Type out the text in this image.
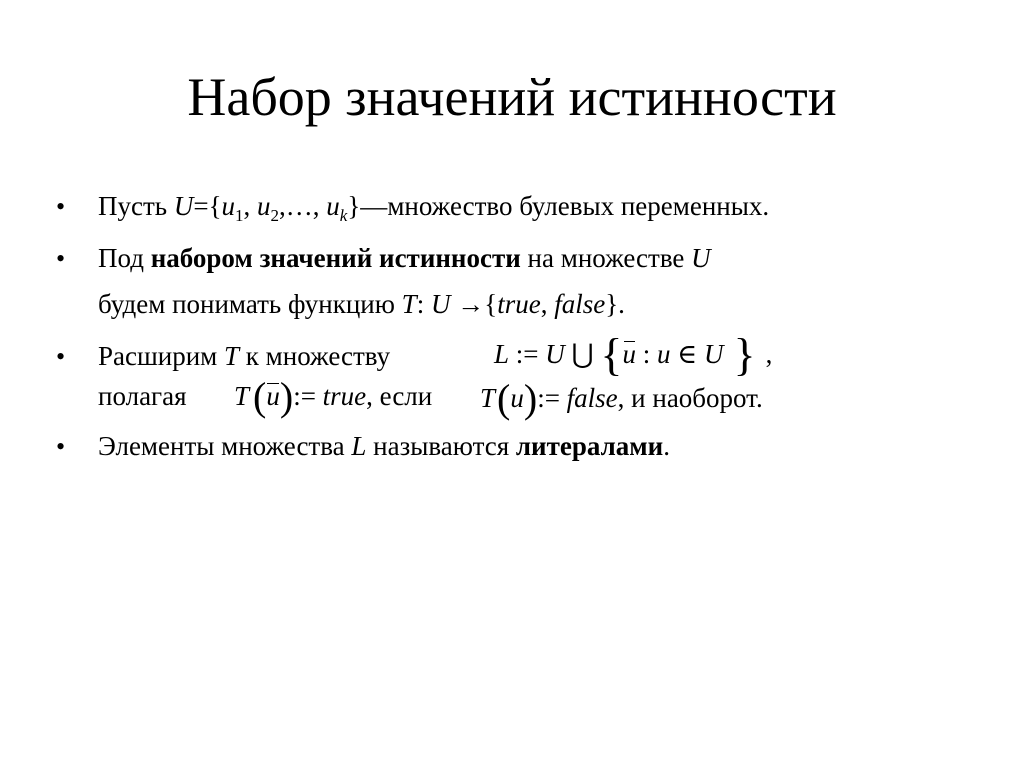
Набор значений истинности
• Пусть $U=\{u_1$, $u_2,\dots$, $u_k\}—множество$ булевых переменных.
• Под набором значений истинности на множестве U
будем понимать функцию T: U →{true, false}.
• Расширим T к множеству	L := U ⋃ {u : u ∈ U } ,
полагая T (u):= true, если T(u):= false, и наоборот.
• Элементы множества L называются литералами.
